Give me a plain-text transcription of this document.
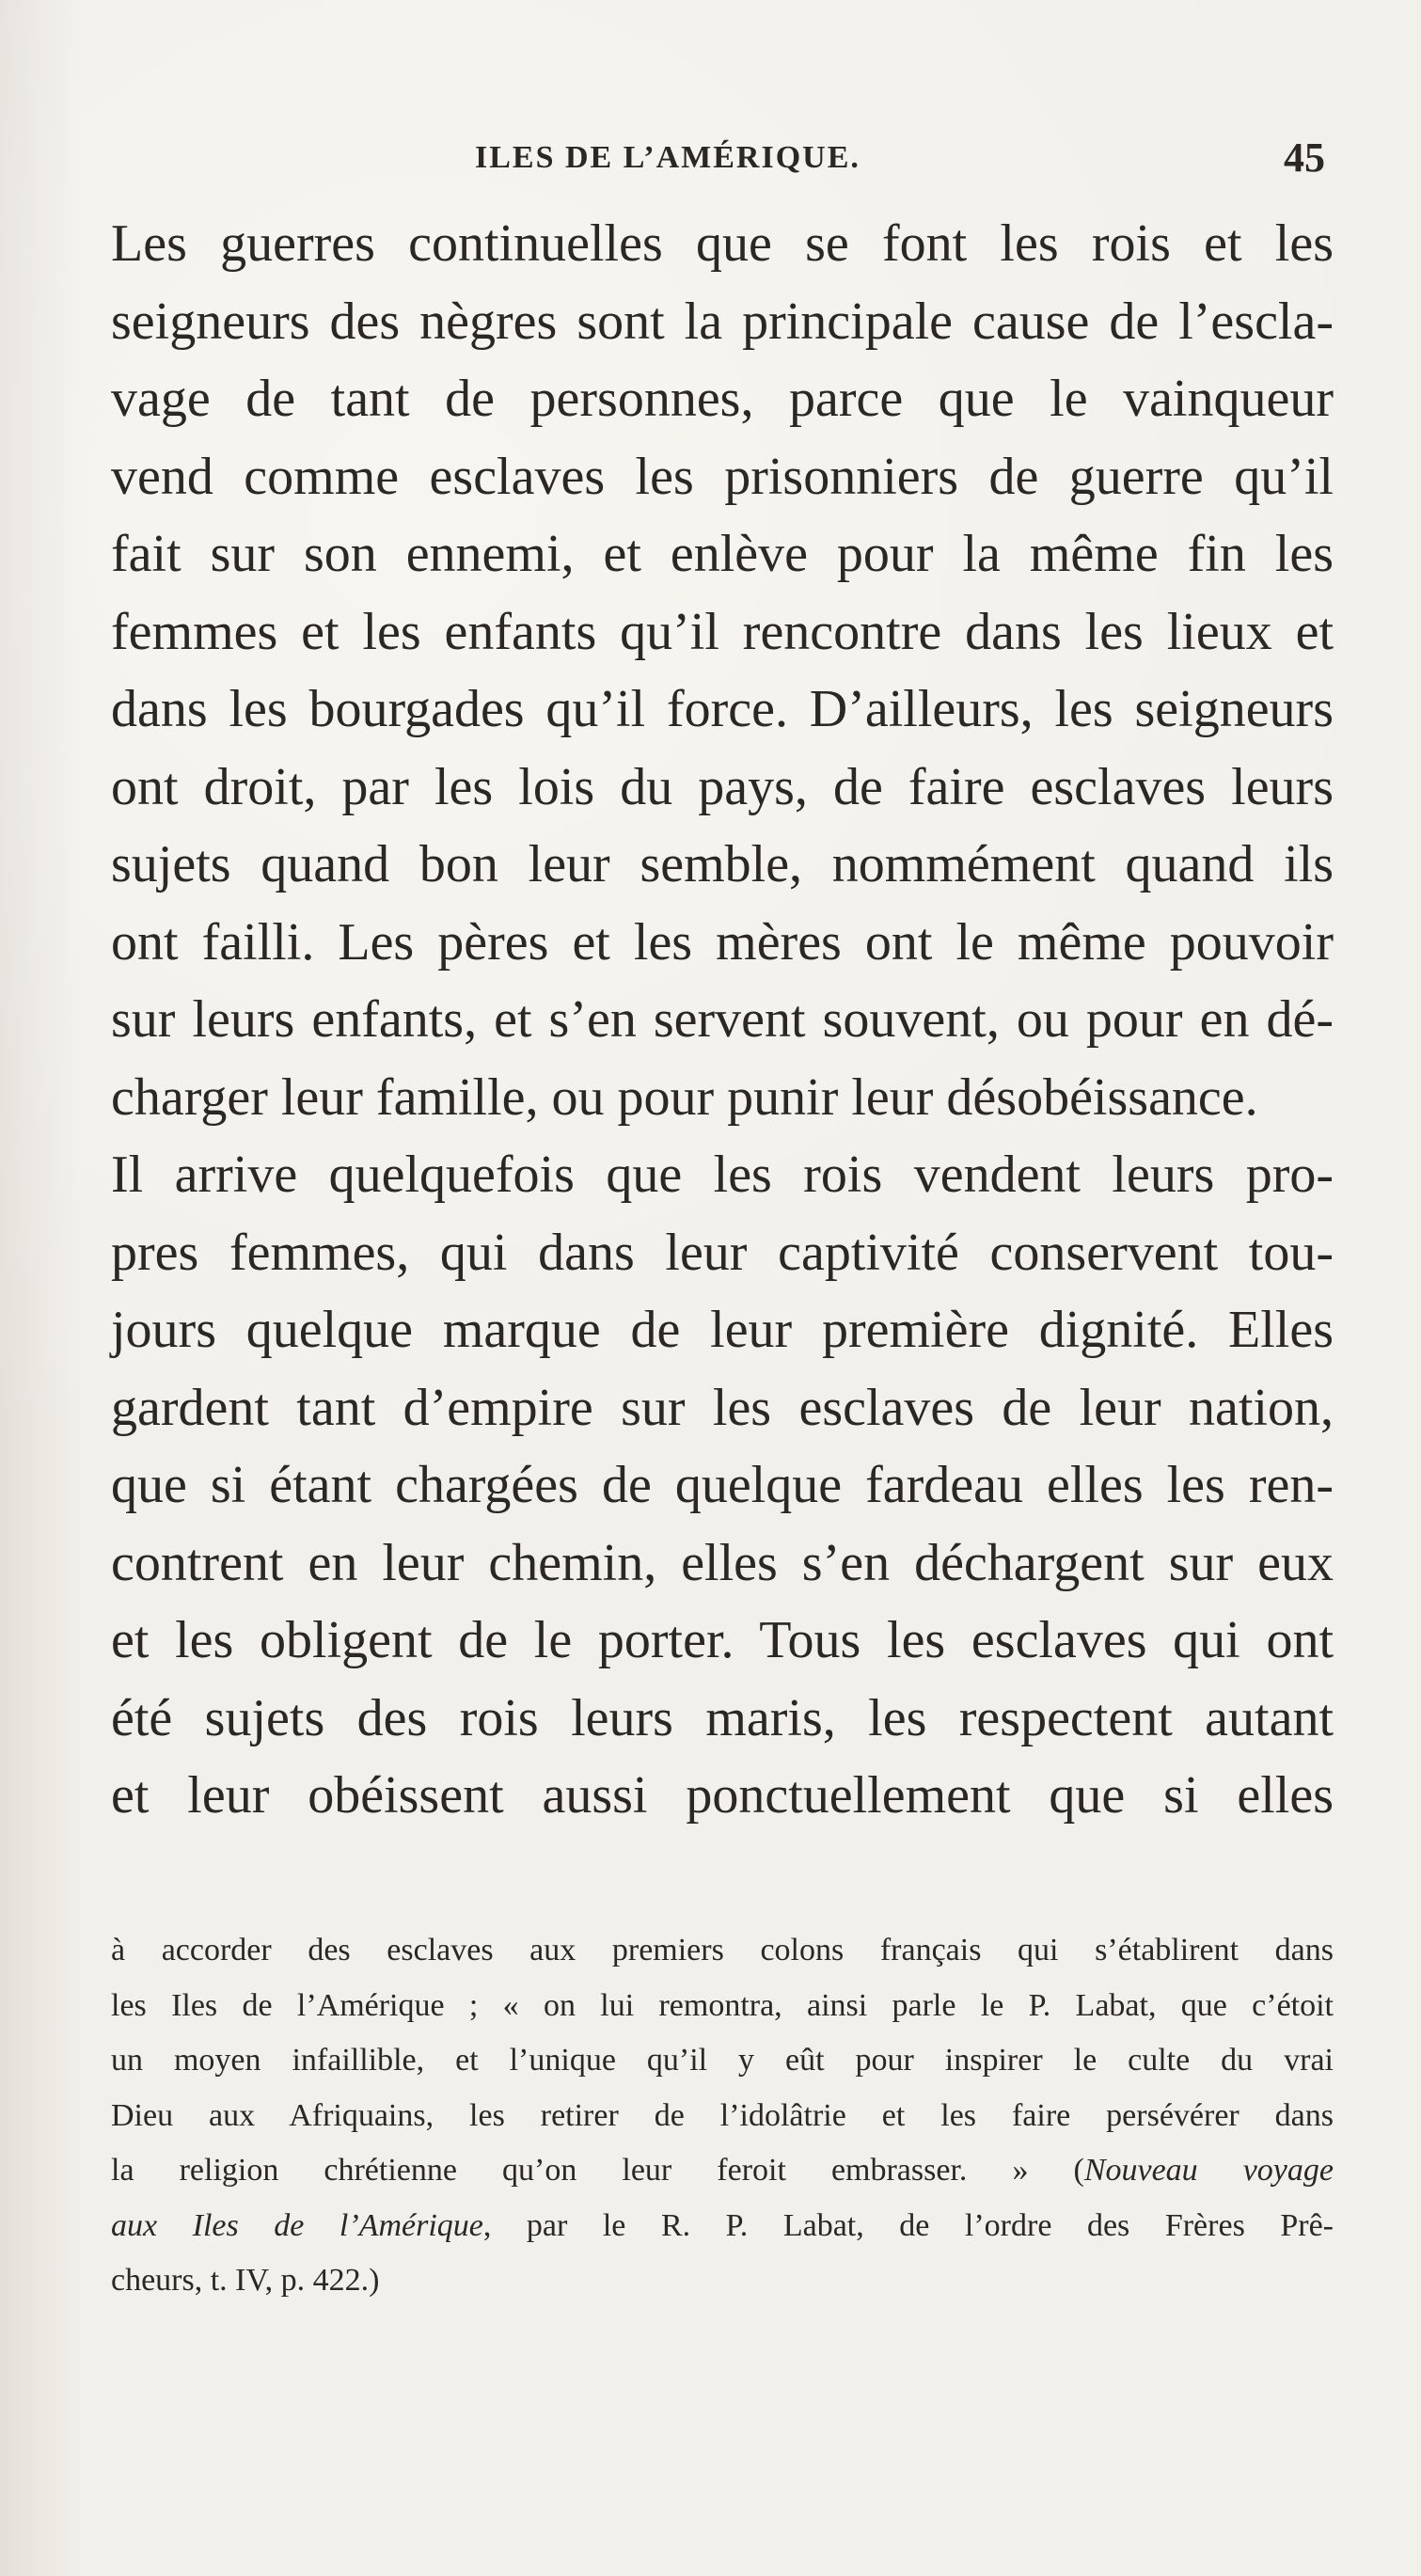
ILES DE L’AMÉRIQUE.	45
Les guerres continuelles que se font les rois et les
seigneurs des nègres sont la principale cause de l’escla-
vage de tant de personnes, parce que le vainqueur
vend comme esclaves les prisonniers de guerre qu’il
fait sur son ennemi, et enlève pour la même fin les
femmes et les enfants qu’il rencontre dans les lieux et
dans les bourgades qu’il force. D’ailleurs, les seigneurs
ont droit, par les lois du pays, de faire esclaves leurs
sujets quand bon leur semble, nommément quand ils
ont failli. Les pères et les mères ont le même pouvoir
sur leurs enfants, et s’en servent souvent, ou pour en dé-
charger leur famille, ou pour punir leur désobéissance.
Il arrive quelquefois que les rois vendent leurs pro-
pres femmes, qui dans leur captivité conservent tou-
jours quelque marque de leur première dignité. Elles
gardent tant d’empire sur les esclaves de leur nation,
que si étant chargées de quelque fardeau elles les ren-
contrent en leur chemin, elles s’en déchargent sur eux
et les obligent de le porter. Tous les esclaves qui ont
été sujets des rois leurs maris, les respectent autant
et leur obéissent aussi ponctuellement que si elles
à accorder des esclaves aux premiers colons français qui s’établirent dans
les Iles de l’Amérique ; « on lui remontra, ainsi parle le P. Labat, que c’étoit
un moyen infaillible, et l’unique qu’il y eût pour inspirer le culte du vrai
Dieu aux Afriquains, les retirer de l’idolâtrie et les faire persévérer dans
la religion chrétienne qu’on leur feroit embrasser. » (Nouveau voyage
aux Iles de l’Amérique, par le R. P. Labat, de l’ordre des Frères Prê-
cheurs, t. IV, p. 422.)
